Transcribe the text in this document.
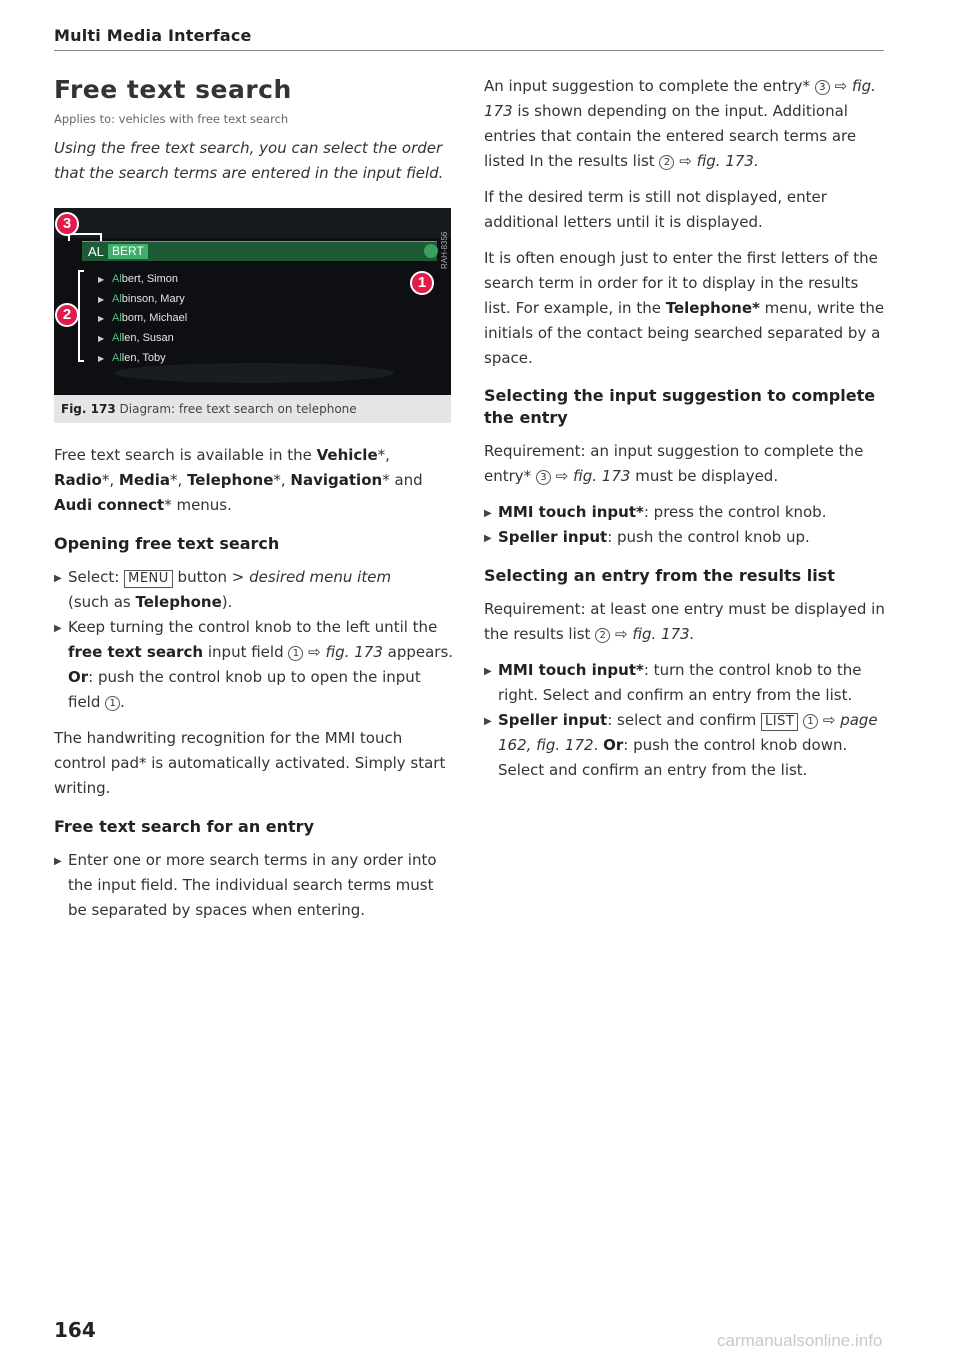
Multi Media Interface
Free text search
Applies to: vehicles with free text search
Using the free text search, you can select the order that the search terms are entered in the input field.
RAH-8356
AL BERT
▶ Albert, Simon
▶ Albinson, Mary
▶ Albom, Michael
▶ Allen, Susan
▶ Allen, Toby
3
2
1
Fig. 173 Diagram: free text search on telephone

Free text search is available in the Vehicle*, Radio*, Media*, Telephone*, Navigation* and Audi connect* menus.

Opening free text search
▶ Select: MENU button > desired menu item
(such as Telephone).
▶ Keep turning the control knob to the left until the free text search input field 1 ⇨ fig. 173 appears. Or: push the control knob up to open the input field 1 .

The handwriting recognition for the MMI touch control pad* is automatically activated. Simply start writing.

Free text search for an entry
▶ Enter one or more search terms in any order into the input field. The individual search terms must be separated by spaces when entering.

An input suggestion to complete the entry* 3 ⇨ fig. 173 is shown depending on the input. Additional entries that contain the entered search terms are listed In the results list 2 ⇨ fig. 173.

If the desired term is still not displayed, enter additional letters until it is displayed.

It is often enough just to enter the first letters of the search term in order for it to display in the results list. For example, in the Telephone* menu, write the initials of the contact being searched separated by a space.

Selecting the input suggestion to complete the entry

Requirement: an input suggestion to complete the entry* 3 ⇨ fig. 173 must be displayed.

▶ MMI touch input*: press the control knob.
▶ Speller input: push the control knob up.
Selecting an entry from the results list

Requirement: at least one entry must be displayed in the results list 2 ⇨ fig. 173.

▶ MMI touch input*: turn the control knob to the right. Select and confirm an entry from the list.
▶ Speller input: select and confirm LIST 1 ⇨ page 162, fig. 172. Or: push the control knob down. Select and confirm an entry from the list.
164	carmanualsonline.info
